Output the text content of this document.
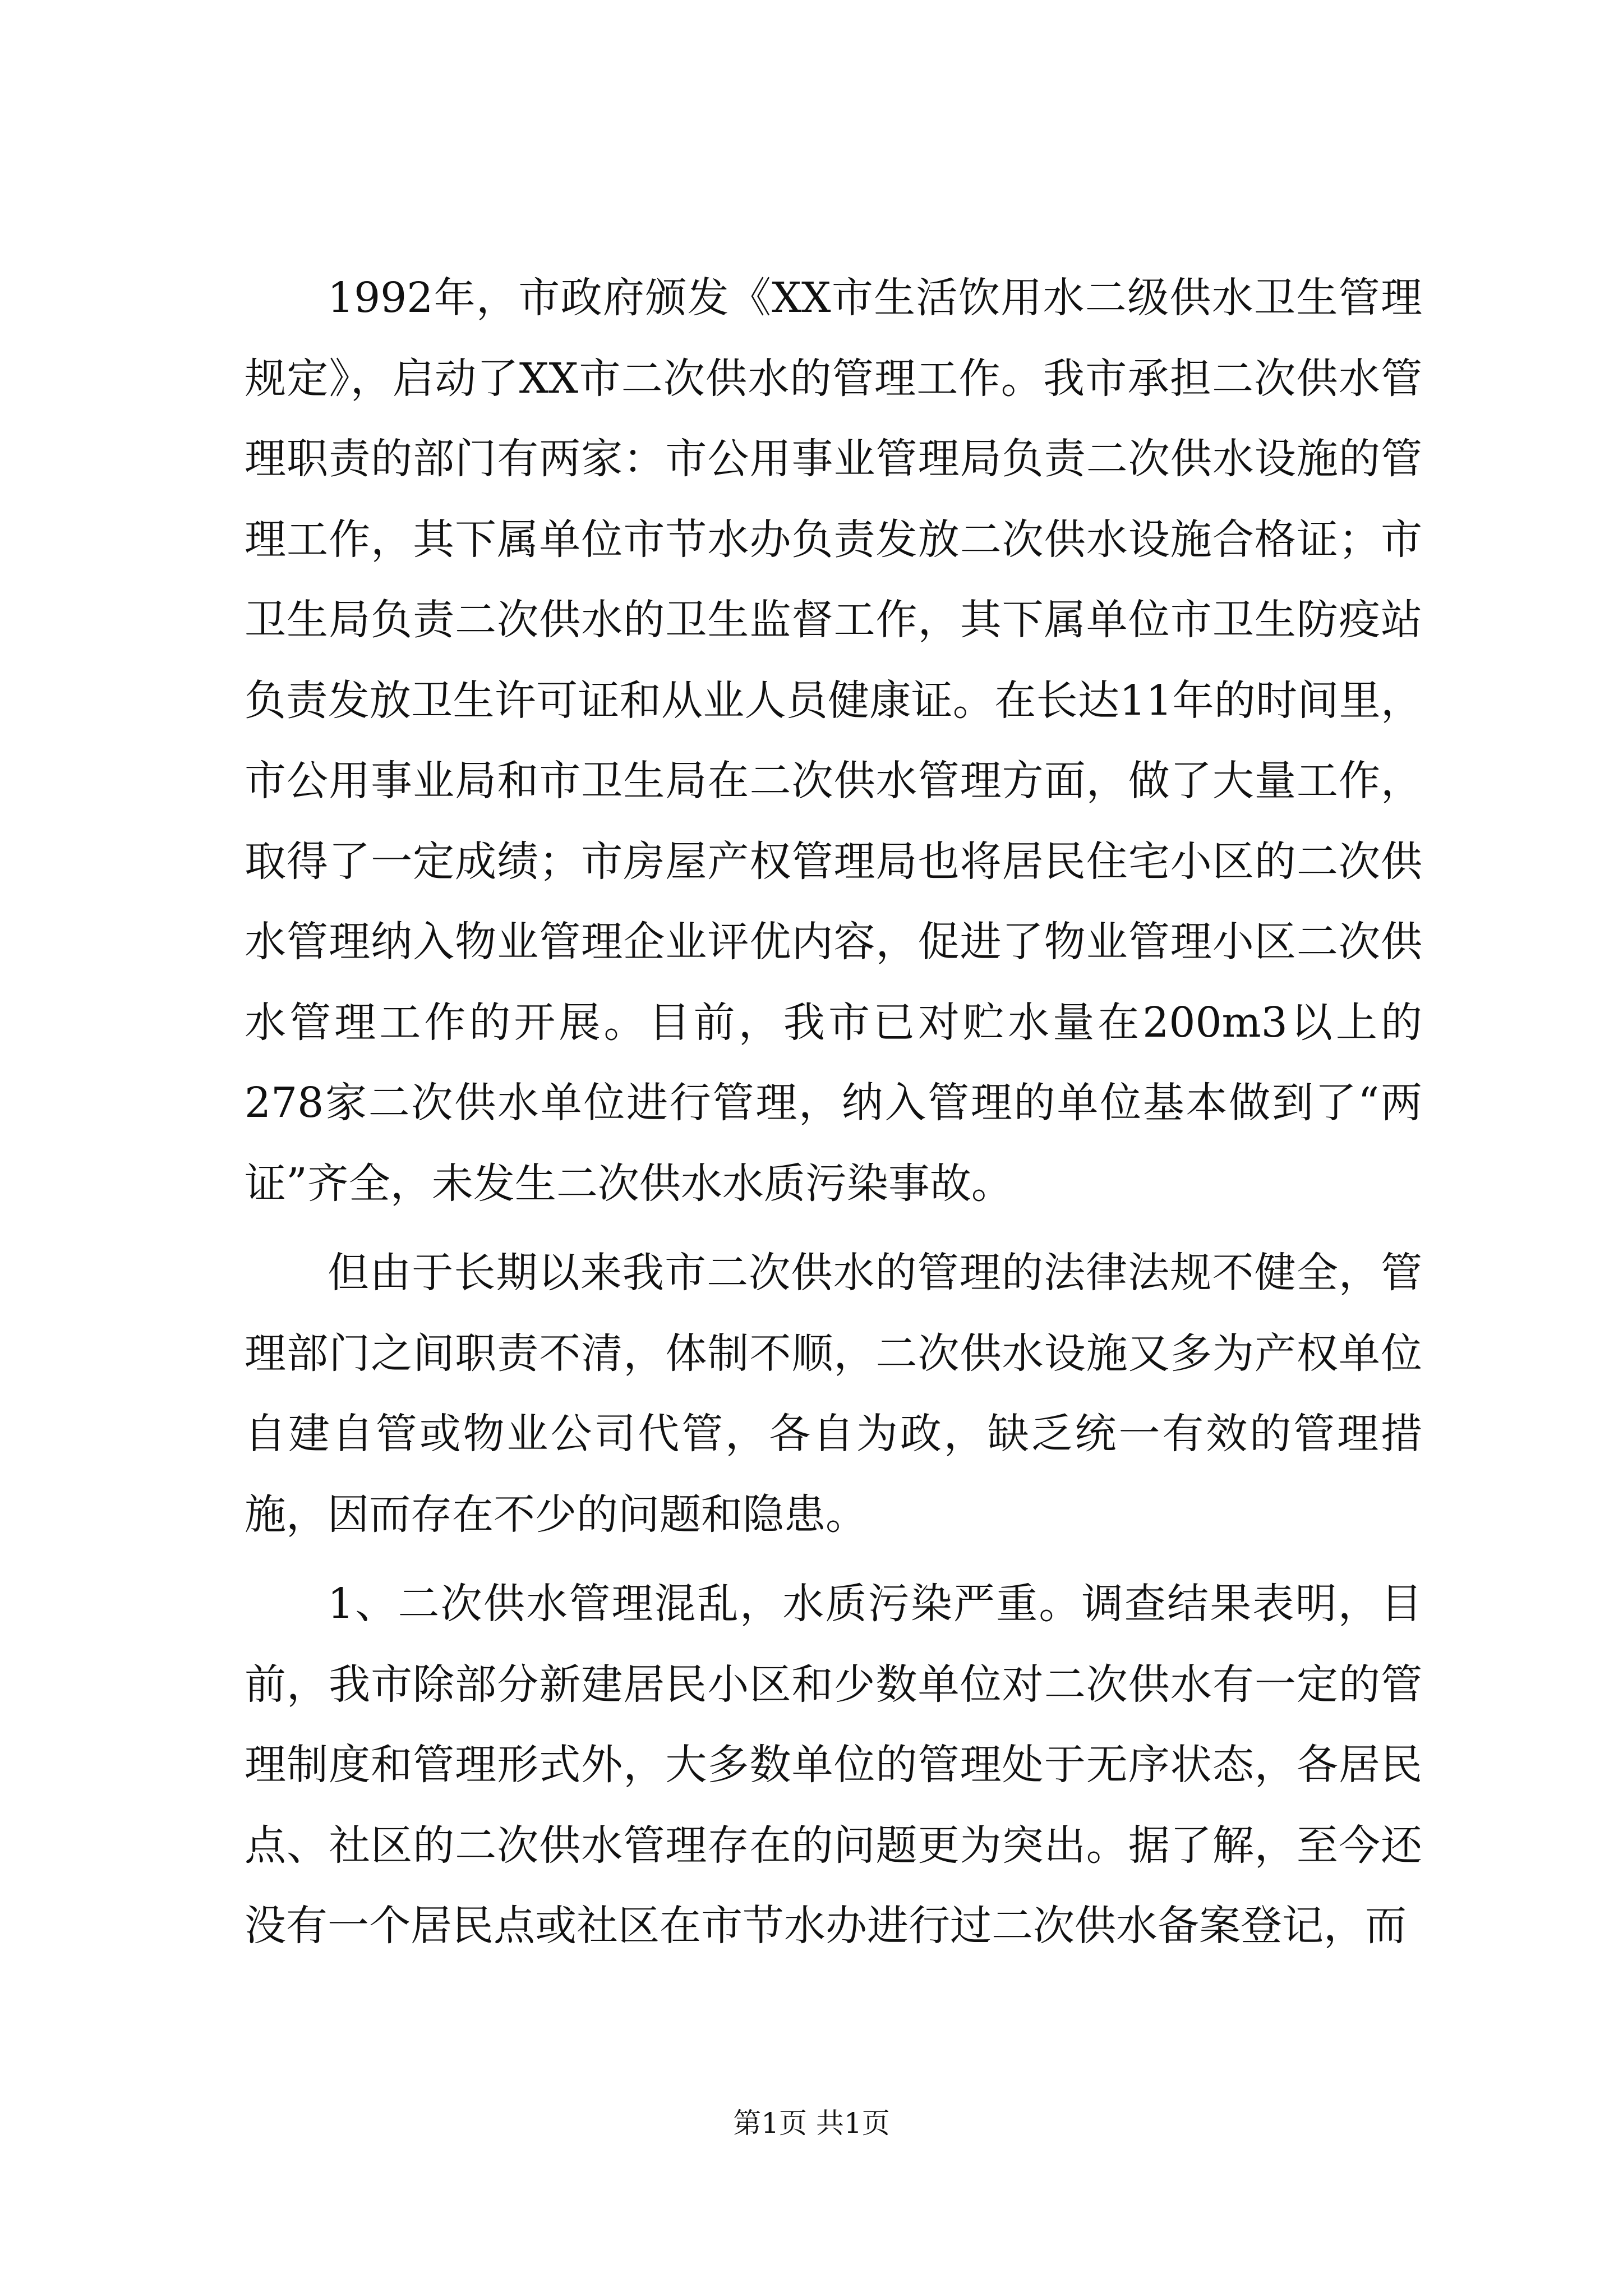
1992年，市政府颁发《XX市生活饮用水二级供水卫生管理规定》，启动了XX市二次供水的管理工作。我市承担二次供水管理职责的部门有两家：市公用事业管理局负责二次供水设施的管理工作，其下属单位市节水办负责发放二次供水设施合格证；市卫生局负责二次供水的卫生监督工作，其下属单位市卫生防疫站负责发放卫生许可证和从业人员健康证。在长达11年的时间里，市公用事业局和市卫生局在二次供水管理方面，做了大量工作，取得了一定成绩；市房屋产权管理局也将居民住宅小区的二次供水管理纳入物业管理企业评优内容，促进了物业管理小区二次供水管理工作的开展。目前，我市已对贮水量在200m3以上的278家二次供水单位进行管理，纳入管理的单位基本做到了“两证”齐全，未发生二次供水水质污染事故。

但由于长期以来我市二次供水的管理的法律法规不健全，管理部门之间职责不清，体制不顺，二次供水设施又多为产权单位自建自管或物业公司代管，各自为政，缺乏统一有效的管理措施，因而存在不少的问题和隐患。

1、二次供水管理混乱，水质污染严重。调查结果表明，目前，我市除部分新建居民小区和少数单位对二次供水有一定的管理制度和管理形式外，大多数单位的管理处于无序状态，各居民点、社区的二次供水管理存在的问题更为突出。据了解，至今还没有一个居民点或社区在市节水办进行过二次供水备案登记，而

第1页 共1页
